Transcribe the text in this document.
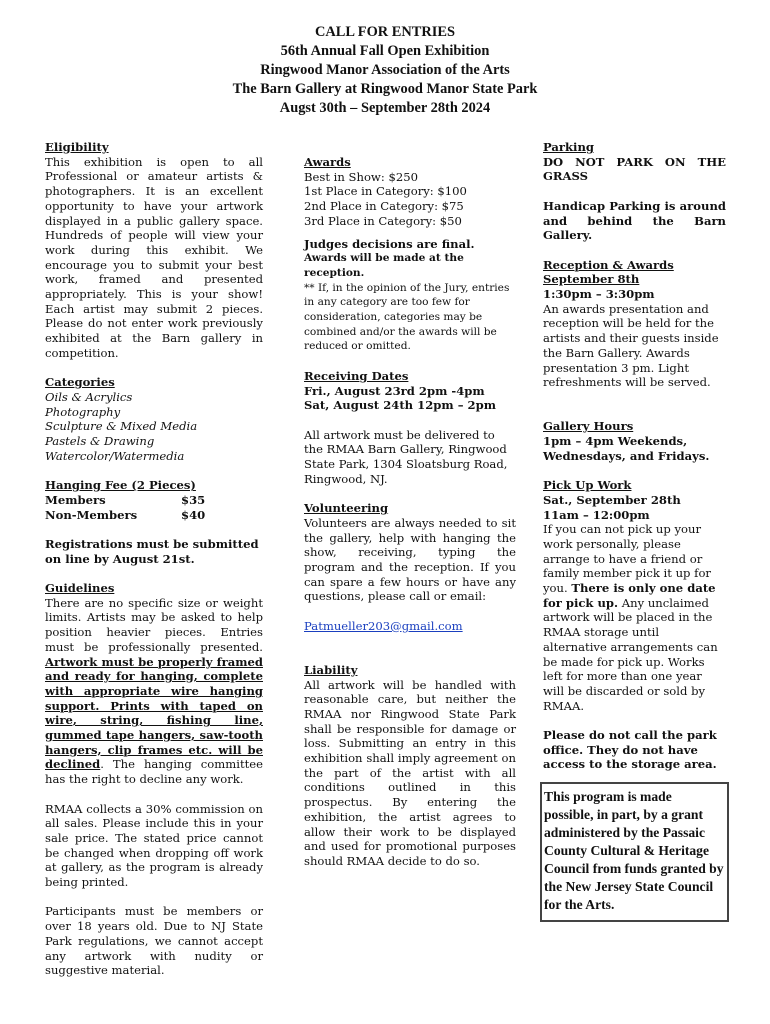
CALL FOR ENTRIES
56th Annual Fall Open Exhibition
Ringwood Manor Association of the Arts
The Barn Gallery at Ringwood Manor State Park
Augst 30th – September 28th 2024
Eligibility
This exhibition is open to all Professional or amateur artists & photographers. It is an excellent opportunity to have your artwork displayed in a public gallery space. Hundreds of people will view your work during this exhibit. We encourage you to submit your best work, framed and presented appropriately. This is your show! Each artist may submit 2 pieces. Please do not enter work previously exhibited at the Barn gallery in competition.
Categories
Oils & Acrylics
Photography
Sculpture & Mixed Media
Pastels & Drawing
Watercolor/Watermedia
Hanging Fee (2 Pieces)
Members	$35
Non-Members	$40
Registrations must be submitted on line by August 21st.
Guidelines
There are no specific size or weight limits. Artists may be asked to help position heavier pieces. Entries must be professionally presented. Artwork must be properly framed and ready for hanging, complete with appropriate wire hanging support. Prints with taped on wire, string, fishing line, gummed tape hangers, saw-tooth hangers, clip frames etc. will be declined. The hanging committee has the right to decline any work.
RMAA collects a 30% commission on all sales. Please include this in your sale price. The stated price cannot be changed when dropping off work at gallery, as the program is already being printed.
Participants must be members or over 18 years old. Due to NJ State Park regulations, we cannot accept any artwork with nudity or suggestive material.
Awards
Best in Show: $250
1st Place in Category: $100
2nd Place in Category: $75
3rd Place in Category: $50
Judges decisions are final.
Awards will be made at the reception.
** If, in the opinion of the Jury, entries in any category are too few for consideration, categories may be combined and/or the awards will be reduced or omitted.
Receiving Dates
Fri., August 23rd 2pm -4pm
Sat, August 24th 12pm – 2pm
All artwork must be delivered to the RMAA Barn Gallery, Ringwood State Park, 1304 Sloatsburg Road, Ringwood, NJ.
Volunteering
Volunteers are always needed to sit the gallery, help with hanging the show, receiving, typing the program and the reception. If you can spare a few hours or have any questions, please call or email:
Patmueller203@gmail.com
Liability
All artwork will be handled with reasonable care, but neither the RMAA nor Ringwood State Park shall be responsible for damage or loss. Submitting an entry in this exhibition shall imply agreement on the part of the artist with all conditions outlined in this prospectus. By entering the exhibition, the artist agrees to allow their work to be displayed and used for promotional purposes should RMAA decide to do so.
Parking
DO NOT PARK ON THE GRASS
Handicap Parking is around and behind the Barn Gallery.
Reception & Awards
September 8th
1:30pm – 3:30pm
An awards presentation and reception will be held for the artists and their guests inside the Barn Gallery. Awards presentation 3 pm. Light refreshments will be served.
Gallery Hours
1pm – 4pm Weekends, Wednesdays, and Fridays.
Pick Up Work
Sat., September 28th
11am – 12:00pm
If you can not pick up your work personally, please arrange to have a friend or family member pick it up for you. There is only one date for pick up. Any unclaimed artwork will be placed in the RMAA storage until alternative arrangements can be made for pick up. Works left for more than one year will be discarded or sold by RMAA.
Please do not call the park office. They do not have access to the storage area.
This program is made possible, in part, by a grant administered by the Passaic County Cultural & Heritage Council from funds granted by the New Jersey State Council for the Arts.
